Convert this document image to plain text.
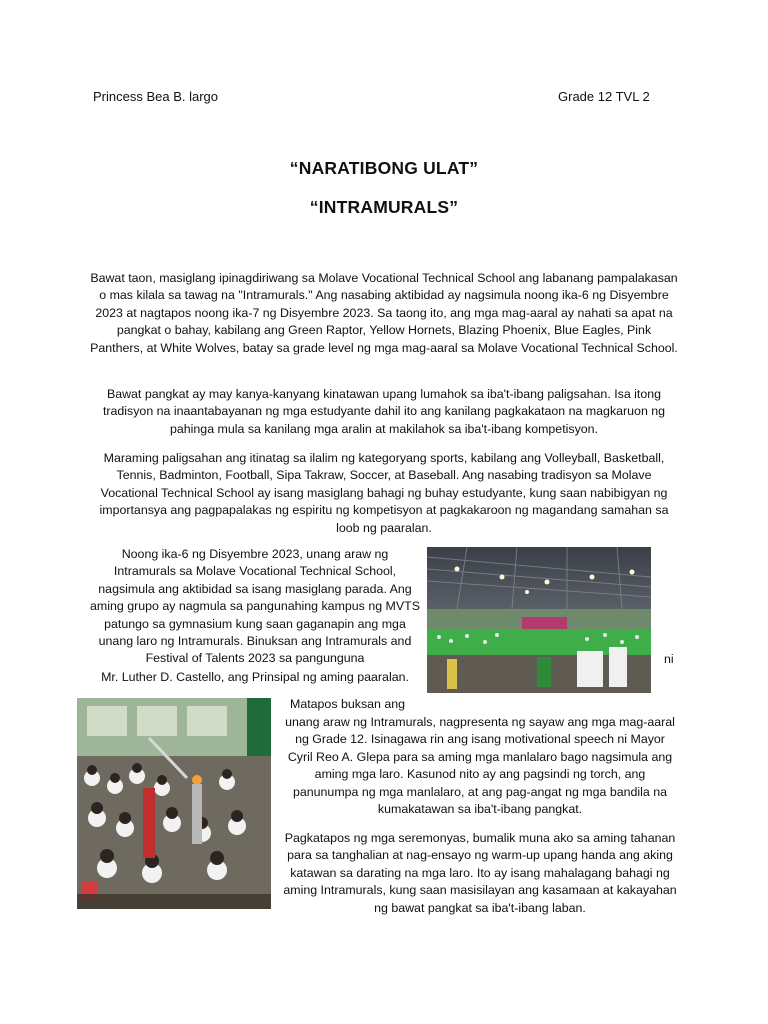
Princess Bea B. largo	Grade 12 TVL 2
“NARATIBONG ULAT”
“INTRAMURALS”

Bawat taon, masiglang ipinagdiriwang sa Molave Vocational Technical School ang labanang pampalakasan o mas kilala sa tawag na "Intramurals." Ang nasabing aktibidad ay nagsimula noong ika-6 ng Disyembre 2023 at nagtapos noong ika-7 ng Disyembre 2023. Sa taong ito, ang mga mag-aaral ay nahati sa apat na pangkat o bahay, kabilang ang Green Raptor, Yellow Hornets, Blazing Phoenix, Blue Eagles, Pink Panthers, at White Wolves, batay sa grade level ng mga mag-aaral sa Molave Vocational Technical School.

Bawat pangkat ay may kanya-kanyang kinatawan upang lumahok sa iba't-ibang paligsahan. Isa itong tradisyon na inaantabayanan ng mga estudyante dahil ito ang kanilang pagkakataon na magkaruon ng pahinga mula sa kanilang mga aralin at makilahok sa iba't-ibang kompetisyon.

Maraming paligsahan ang itinatag sa ilalim ng kategoryang sports, kabilang ang Volleyball, Basketball, Tennis, Badminton, Football, Sipa Takraw, Soccer, at Baseball. Ang nasabing tradisyon sa Molave Vocational Technical School ay isang masiglang bahagi ng buhay estudyante, kung saan nabibigyan ng importansya ang pagpapalakas ng espiritu ng kompetisyon at pagkakaroon ng magandang samahan sa loob ng paaralan.

Noong ika-6 ng Disyembre 2023, unang araw ng Intramurals sa Molave Vocational Technical School, nagsimula ang aktibidad sa isang masiglang parada. Ang aming grupo ay nagmula sa pangunahing kampus ng MVTS patungo sa gymnasium kung saan gaganapin ang mga unang laro ng Intramurals. Binuksan ang Intramurals and Festival of Talents 2023 sa pangunguna	ni

Mr. Luther D. Castello, ang Prinsipal ng aming paaralan.

Matapos buksan ang

unang araw ng Intramurals, nagpresenta ng sayaw ang mga mag-aaral ng Grade 12. Isinagawa rin ang isang motivational speech ni Mayor Cyril Reo A. Glepa para sa aming mga manlalaro bago nagsimula ang aming mga laro. Kasunod nito ay ang pagsindi ng torch, ang panunumpa ng mga manlalaro, at ang pag-angat ng mga bandila na kumakatawan sa iba't-ibang pangkat.

Pagkatapos ng mga seremonyas, bumalik muna ako sa aming tahanan para sa tanghalian at nag-ensayo ng warm-up upang handa ang aking katawan sa darating na mga laro. Ito ay isang mahalagang bahagi ng aming Intramurals, kung saan masisilayan ang kasamaan at kakayahan ng bawat pangkat sa iba't-ibang laban.
